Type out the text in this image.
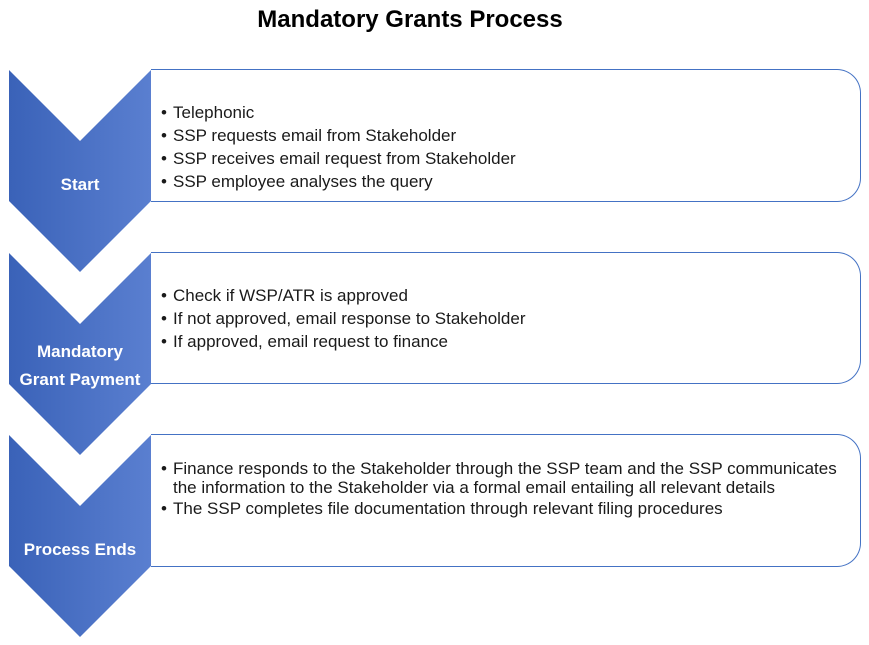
Mandatory Grants Process
Start
• Telephonic
• SSP requests email from Stakeholder
• SSP receives email request from Stakeholder
• SSP employee analyses the query
Mandatory
Grant Payment
• Check if WSP/ATR is approved
• If not approved, email response to Stakeholder
• If approved, email request to finance
Process Ends
• Finance responds to the Stakeholder through the SSP team and the SSP communicates the information to the Stakeholder via a formal email entailing all relevant details
• The SSP completes file documentation through relevant filing procedures
